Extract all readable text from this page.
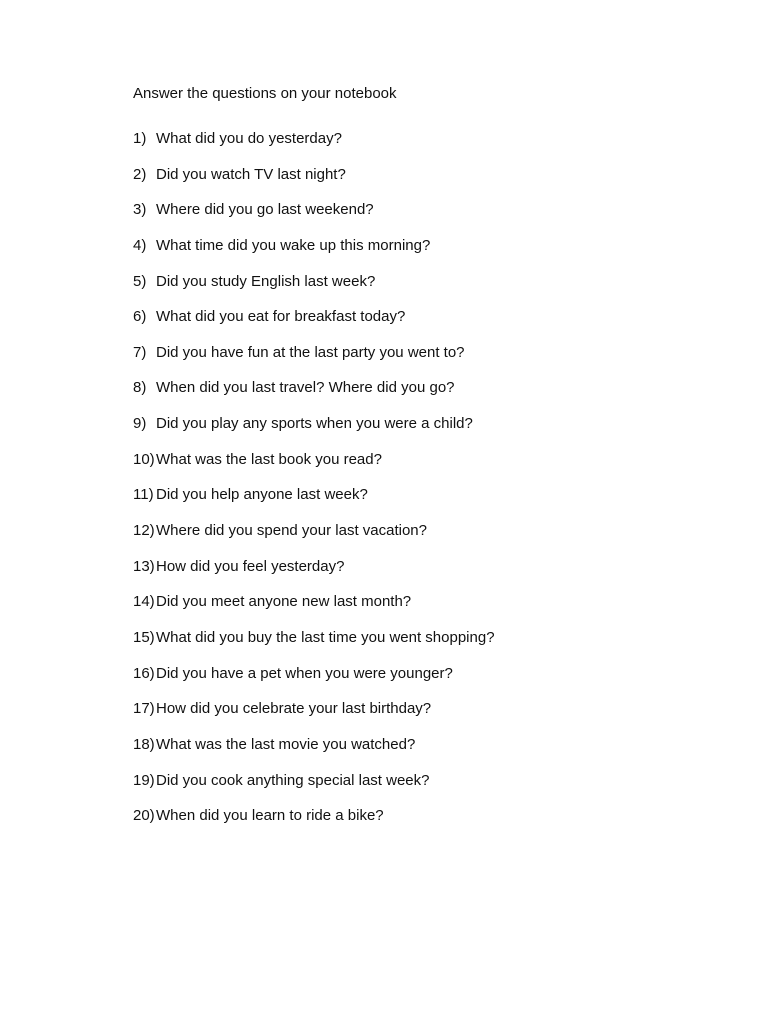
Answer the questions on your notebook
1) What did you do yesterday?
2) Did you watch TV last night?
3) Where did you go last weekend?
4) What time did you wake up this morning?
5) Did you study English last week?
6) What did you eat for breakfast today?
7) Did you have fun at the last party you went to?
8) When did you last travel? Where did you go?
9) Did you play any sports when you were a child?
10) What was the last book you read?
11) Did you help anyone last week?
12) Where did you spend your last vacation?
13) How did you feel yesterday?
14) Did you meet anyone new last month?
15) What did you buy the last time you went shopping?
16) Did you have a pet when you were younger?
17) How did you celebrate your last birthday?
18) What was the last movie you watched?
19) Did you cook anything special last week?
20) When did you learn to ride a bike?
